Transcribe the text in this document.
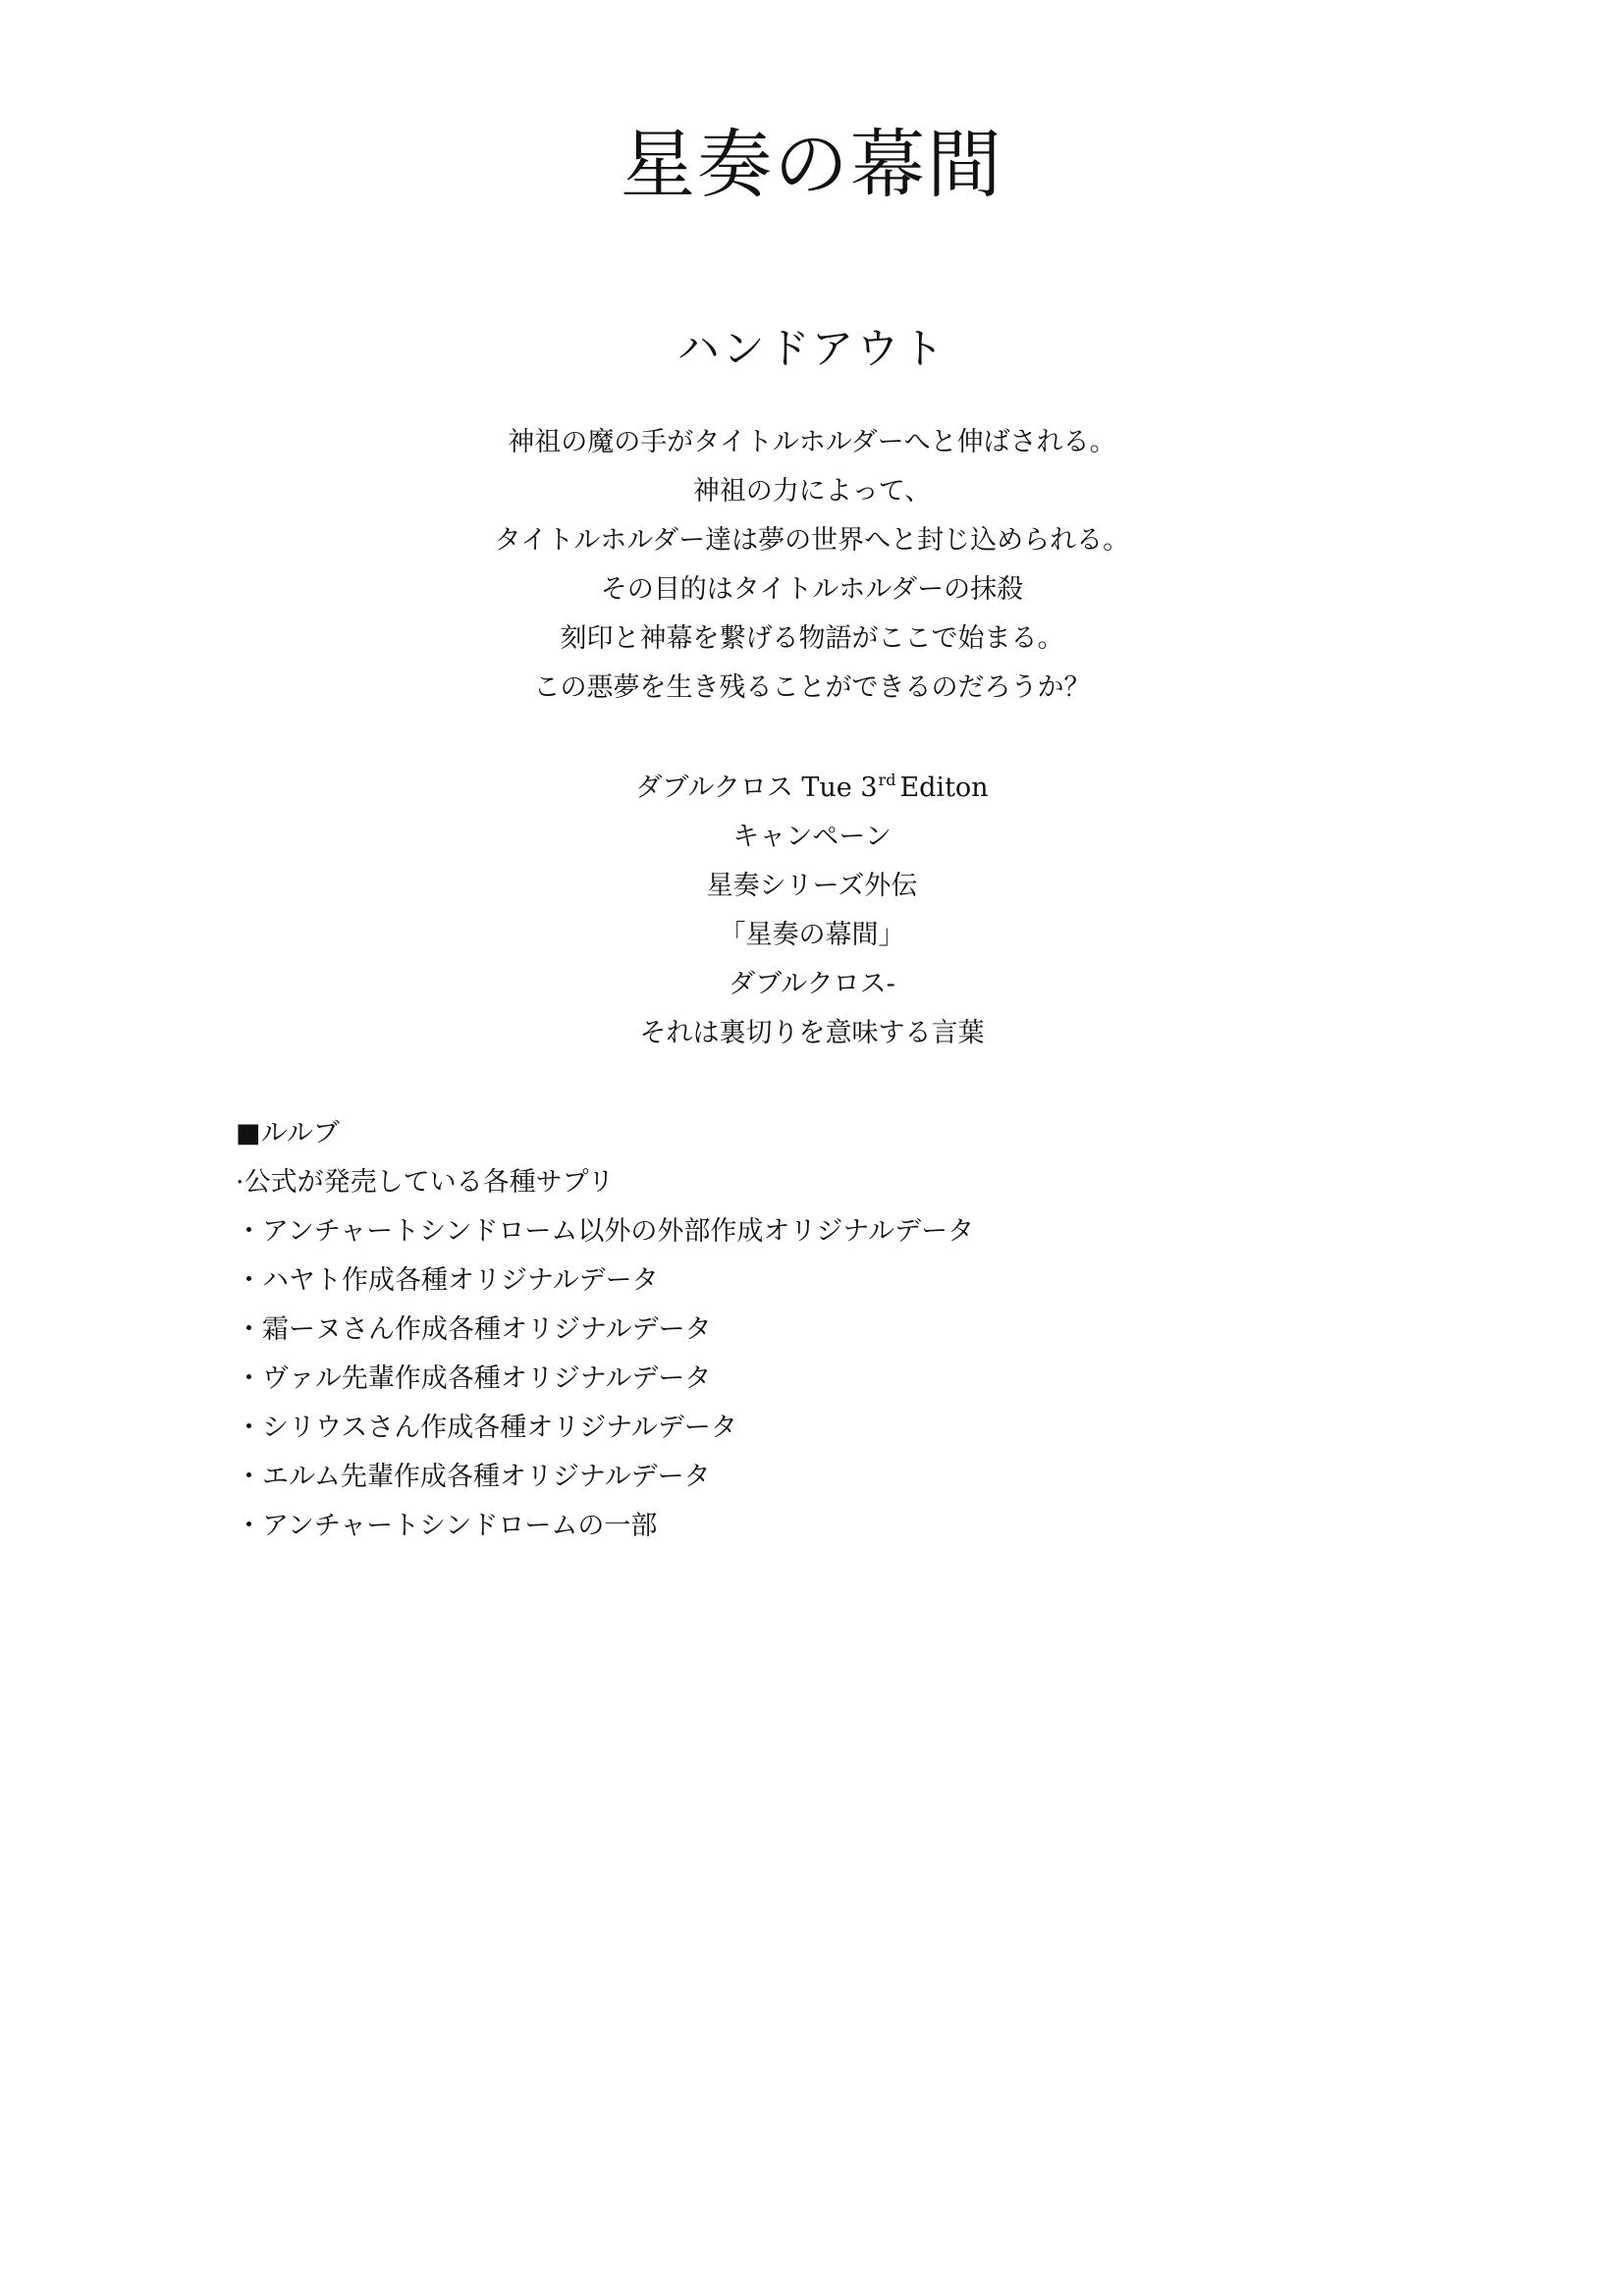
星奏の幕間
ハンドアウト
神祖の魔の手がタイトルホルダーへと伸ばされる。
神祖の力によって、
タイトルホルダー達は夢の世界へと封じ込められる。
その目的はタイトルホルダーの抹殺
刻印と神幕を繋げる物語がここで始まる。
この悪夢を生き残ることができるのだろうか？
ダブルクロス Tue 3rd Editon
キャンペーン
星奏シリーズ外伝
「星奏の幕間」
ダブルクロス-
それは裏切りを意味する言葉
■ルルブ
·公式が発売している各種サプリ
・アンチャートシンドローム以外の外部作成オリジナルデータ
・ハヤト作成各種オリジナルデータ
・霜ーヌさん作成各種オリジナルデータ
・ヴァル先輩作成各種オリジナルデータ
・シリウスさん作成各種オリジナルデータ
・エルム先輩作成各種オリジナルデータ
・アンチャートシンドロームの一部
